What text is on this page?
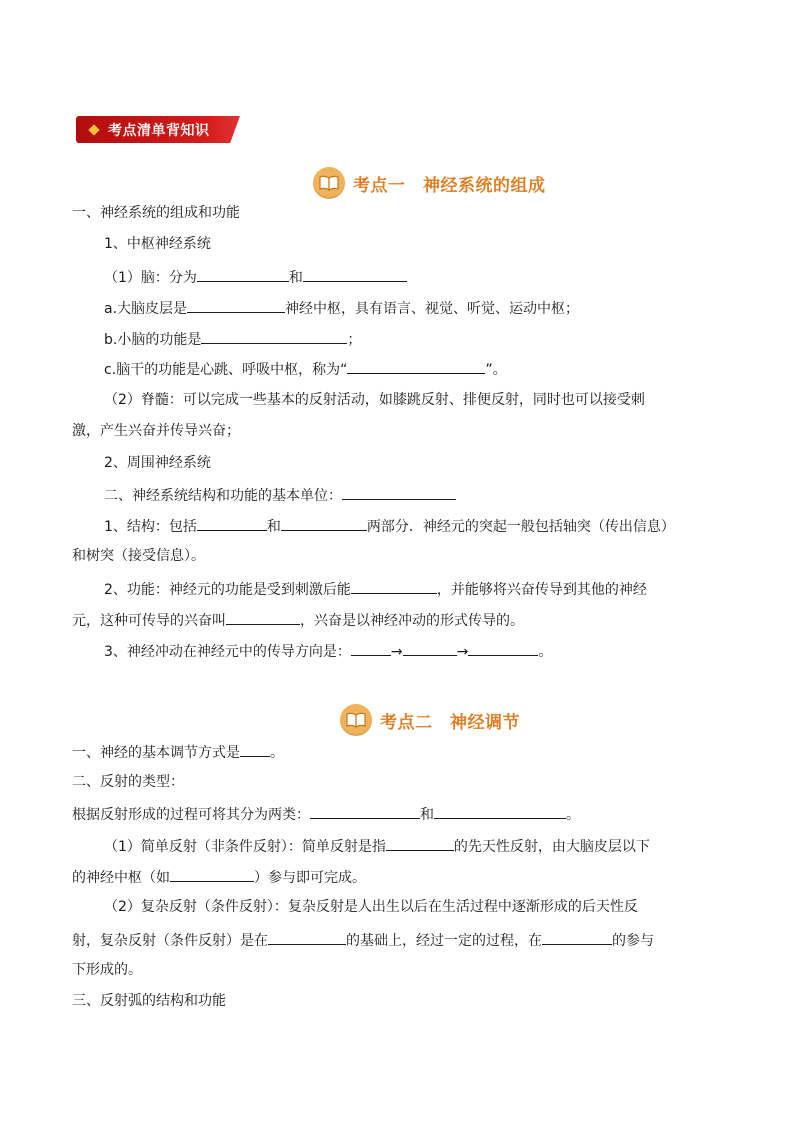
考点清单背知识
考点一　神经系统的组成
一、神经系统的组成和功能
1、中枢神经系统
（1）脑：分为	和
a.大脑皮层是	神经中枢，具有语言、视觉、听觉、运动中枢；
b.小脑的功能是	；
c.脑干的功能是心跳、呼吸中枢，称为“	”。
（2）脊髓：可以完成一些基本的反射活动，如膝跳反射、排便反射，同时也可以接受刺
激，产生兴奋并传导兴奋；
2、周围神经系统
二、神经系统结构和功能的基本单位：
1、结构：包括	和	两部分．神经元的突起一般包括轴突（传出信息）
和树突（接受信息）。
2、功能：神经元的功能是受到刺激后能	，并能够将兴奋传导到其他的神经
元，这种可传导的兴奋叫	，兴奋是以神经冲动的形式传导的。
3、神经冲动在神经元中的传导方向是：	→	→	。
考点二　神经调节
一、神经的基本调节方式是 。
二、反射的类型：
根据反射形成的过程可将其分为两类：	和	。
（1）简单反射（非条件反射）：简单反射是指	的先天性反射，由大脑皮层以下
的神经中枢（如	）参与即可完成。
（2）复杂反射（条件反射）：复杂反射是人出生以后在生活过程中逐渐形成的后天性反
射，复杂反射（条件反射）是在	的基础上，经过一定的过程，在	的参与
下形成的。
三、反射弧的结构和功能
